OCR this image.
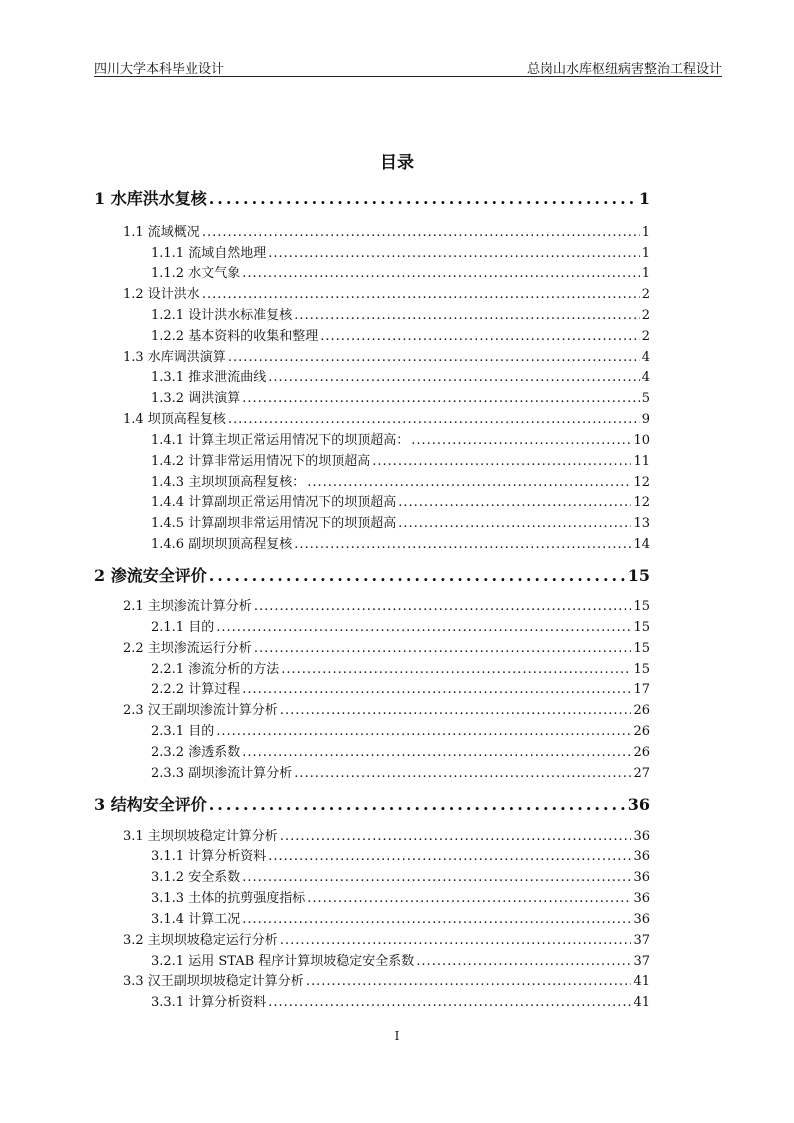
四川大学本科毕业设计	总岗山水库枢纽病害整治工程设计
目录
1 水库洪水复核 .....	1
1.1 流域概况 .....	1
1.1.1 流域自然地理 .....	1
1.1.2 水文气象 .....	1
1.2 设计洪水 .....	2
1.2.1 设计洪水标准复核 .....	2
1.2.2 基本资料的收集和整理 .....	2
1.3 水库调洪演算 .....	4
1.3.1 推求泄流曲线 .....	4
1.3.2 调洪演算 .....	5
1.4 坝顶高程复核 .....	9
1.4.1 计算主坝正常运用情况下的坝顶超高： .....	10
1.4.2 计算非常运用情况下的坝顶超高 .....	11
1.4.3 主坝坝顶高程复核： .....	12
1.4.4 计算副坝正常运用情况下的坝顶超高 .....	12
1.4.5 计算副坝非常运用情况下的坝顶超高 .....	13
1.4.6 副坝坝顶高程复核 .....	14
2 渗流安全评价 .....	15
2.1 主坝渗流计算分析 .....	15
2.1.1 目的 .....	15
2.2 主坝渗流运行分析 .....	15
2.2.1 渗流分析的方法 .....	15
2.2.2 计算过程 .....	17
2.3 汉王副坝渗流计算分析 .....	26
2.3.1 目的 .....	26
2.3.2 渗透系数 .....	26
2.3.3 副坝渗流计算分析 .....	27
3 结构安全评价 .....	36
3.1 主坝坝坡稳定计算分析 .....	36
3.1.1 计算分析资料 .....	36
3.1.2 安全系数 .....	36
3.1.3 土体的抗剪强度指标 .....	36
3.1.4 计算工况 .....	36
3.2 主坝坝坡稳定运行分析 .....	37
3.2.1 运用 STAB 程序计算坝坡稳定安全系数 .....	37
3.3 汉王副坝坝坡稳定计算分析 .....	41
3.3.1 计算分析资料 .....	41
I
